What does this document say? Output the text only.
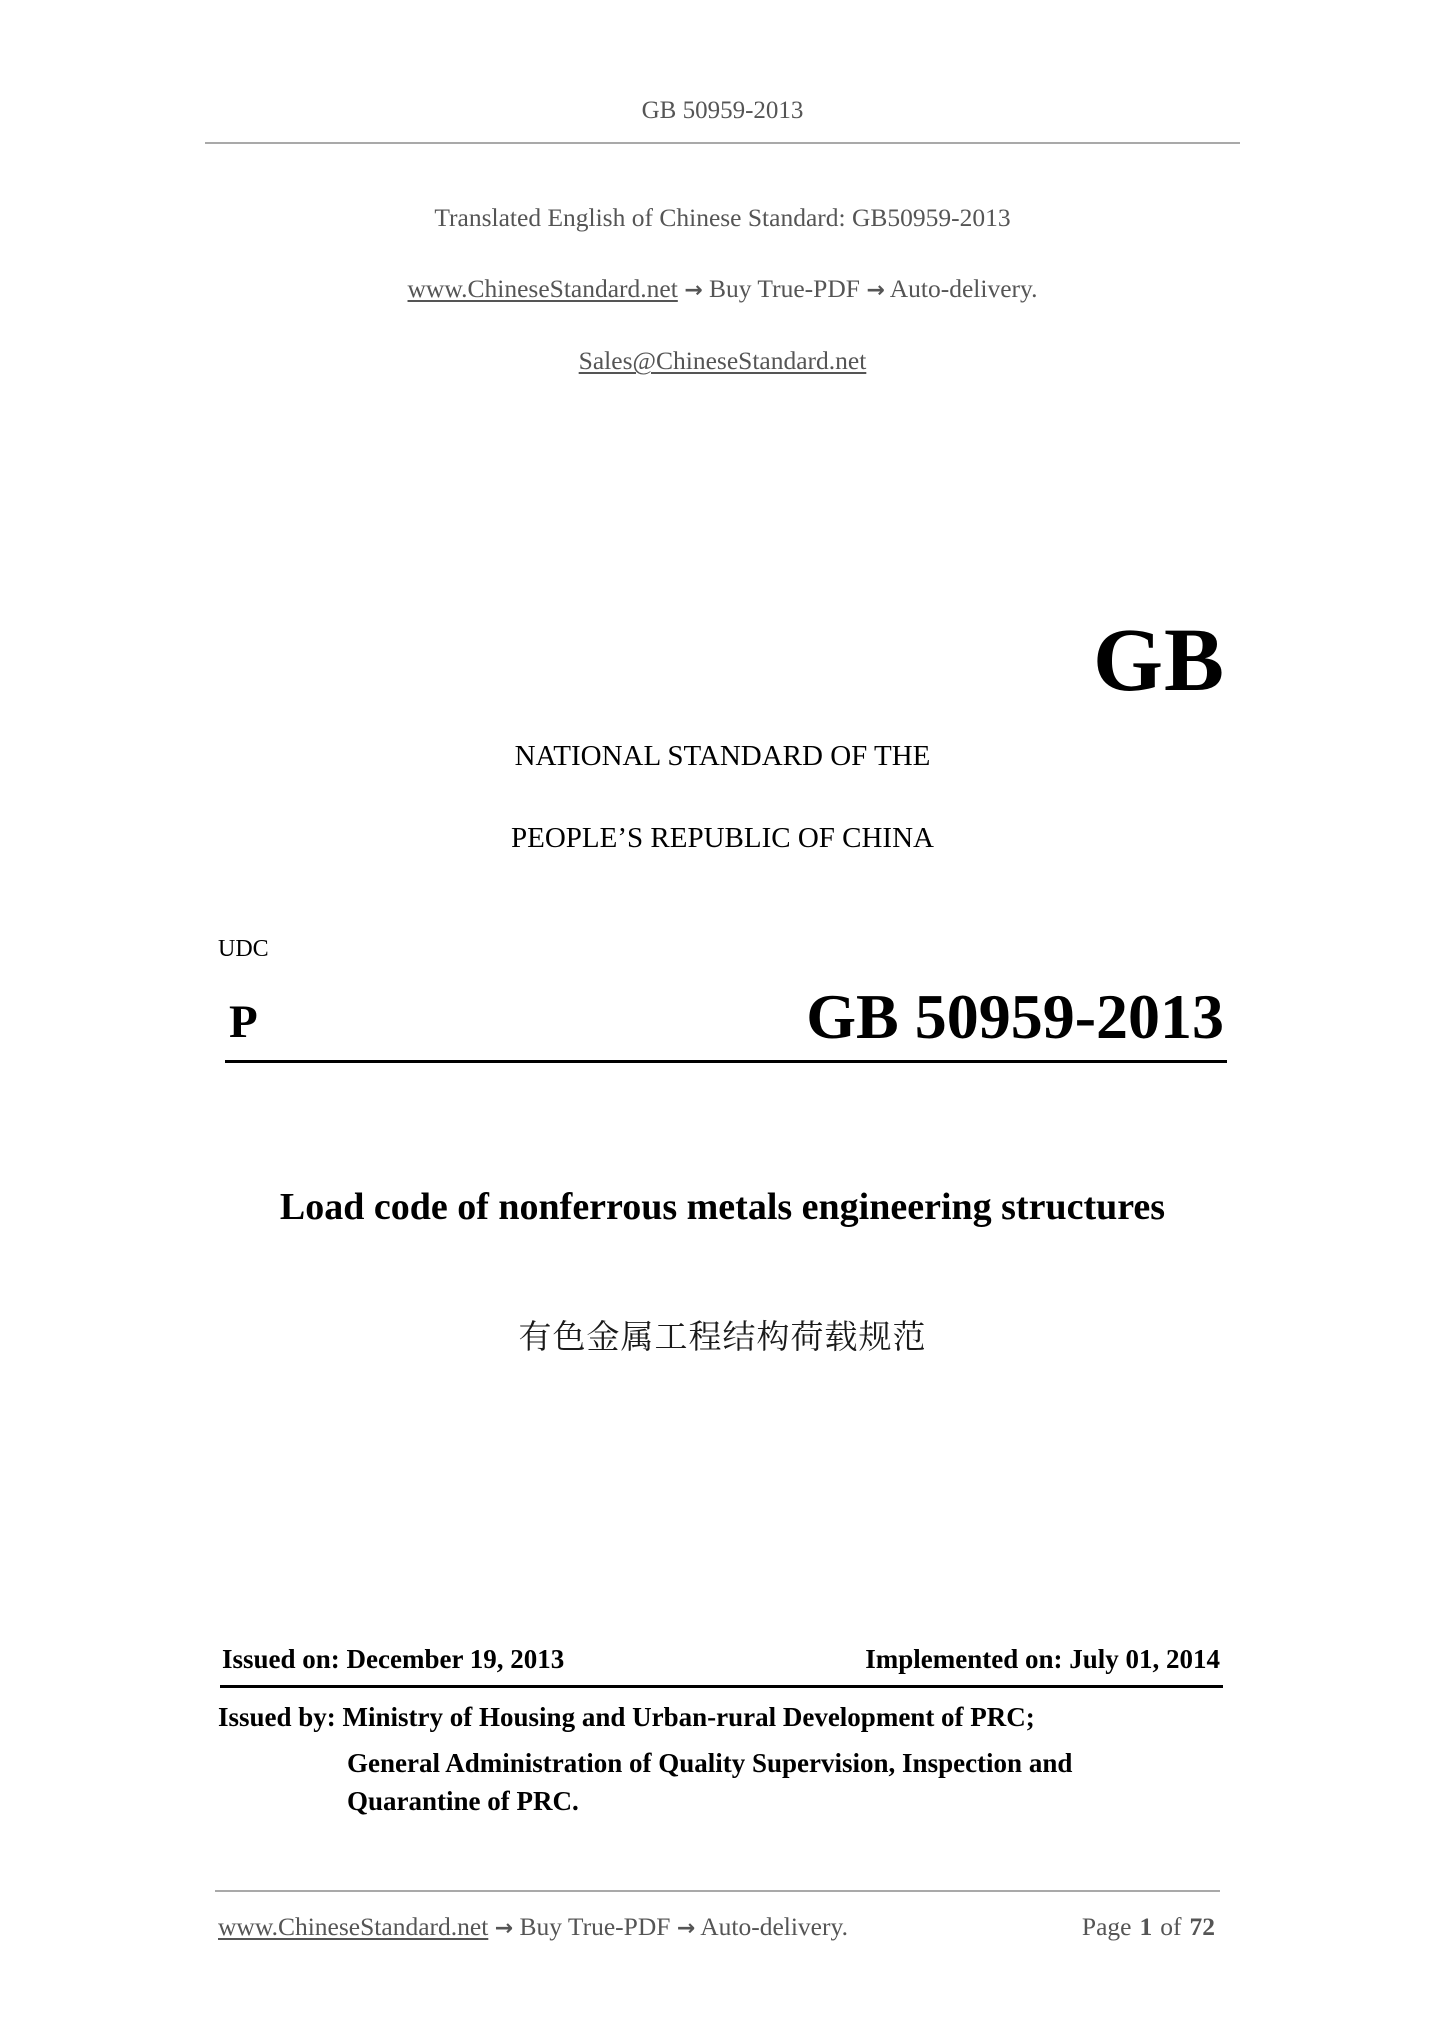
GB 50959-2013
Translated English of Chinese Standard: GB50959-2013
www.ChineseStandard.net → Buy True-PDF → Auto-delivery.
Sales@ChineseStandard.net
GB
NATIONAL STANDARD OF THE
PEOPLE’S REPUBLIC OF CHINA
UDC
P	GB 50959-2013
Load code of nonferrous metals engineering structures
有色金属工程结构荷载规范
Issued on: December 19, 2013	Implemented on: July 01, 2014
Issued by: Ministry of Housing and Urban-rural Development of PRC;
General Administration of Quality Supervision, Inspection and
Quarantine of PRC.
www.ChineseStandard.net → Buy True-PDF → Auto-delivery.	Page 1 of 72
